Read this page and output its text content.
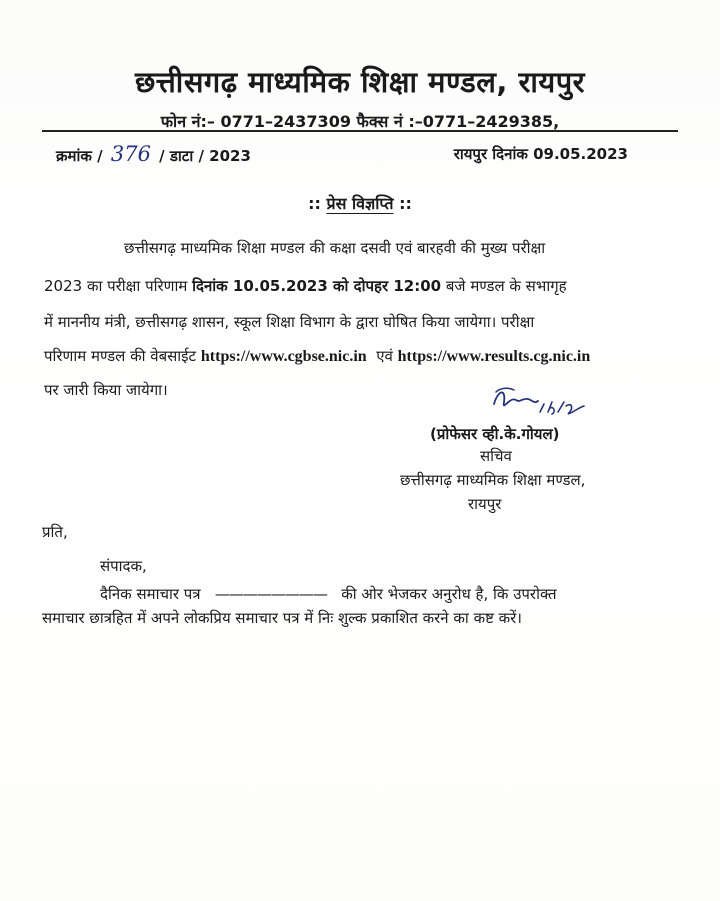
छत्तीसगढ़ माध्यमिक शिक्षा मण्डल, रायपुर
फोन नं:– 0771–2437309 फैक्स नं :–0771–2429385,
क्रमांक / 376 / डाटा / 2023	रायपुर दिनांक 09.05.2023
:: प्रेस विज्ञप्ति ::
छत्तीसगढ़ माध्यमिक शिक्षा मण्डल की कक्षा दसवी एवं बारहवी की मुख्य परीक्षा
2023 का परीक्षा परिणाम दिनांक 10.05.2023 को दोपहर 12:00 बजे मण्डल के सभागृह
में माननीय मंत्री, छत्तीसगढ़ शासन, स्कूल शिक्षा विभाग के द्वारा घोषित किया जायेगा। परीक्षा
परिणाम मण्डल की वेबसाईट https://www.cgbse.nic.in एवं https://www.results.cg.nic.in
पर जारी किया जायेगा।
(प्रोफेसर व्ही.के.गोयल)
सचिव
छत्तीसगढ़ माध्यमिक शिक्षा मण्डल,
रायपुर
प्रति,
संपादक,
दैनिक समाचार पत्र ———————— की ओर भेजकर अनुरोध है, कि उपरोक्त
समाचार छात्रहित में अपने लोकप्रिय समाचार पत्र में निः शुल्क प्रकाशित करने का कष्ट करें।
